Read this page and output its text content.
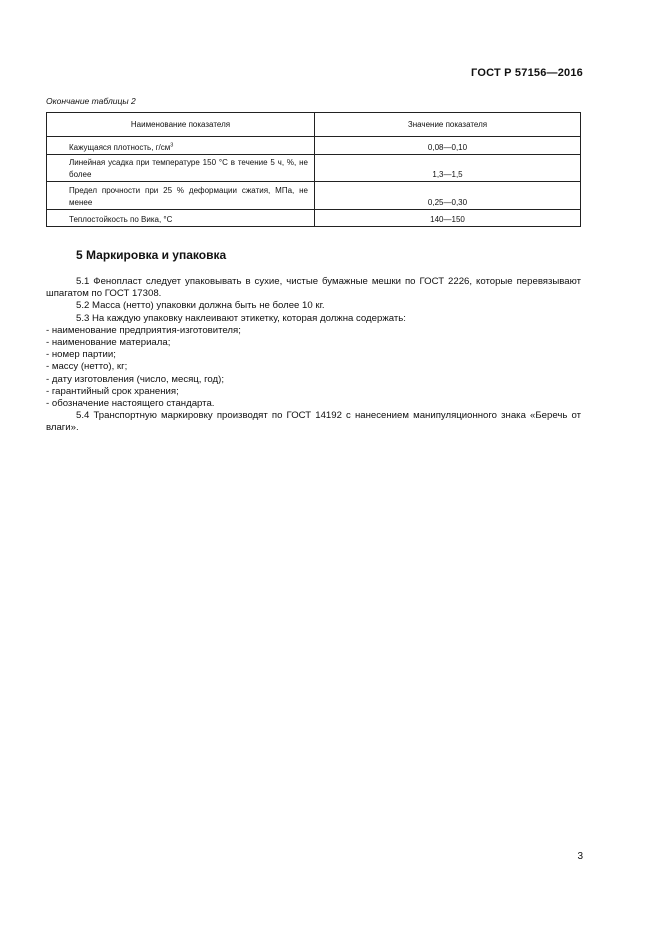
ГОСТ Р 57156—2016
Окончание таблицы 2
Наименование показателя	Значение показателя
Кажущаяся плотность, $г/см^3$	0,08—0,10
Линейная усадка при температуре 150 °С в течение 5 ч, %, не более	1,3—1,5
Предел прочности при 25 % деформации сжатия, МПа, не менее	0,25—0,30
Теплостойкость по Вика, °С	140—150
5 Маркировка и упаковка

5.1 Фенопласт следует упаковывать в сухие, чистые бумажные мешки по ГОСТ 2226, которые перевязывают шпагатом по ГОСТ 17308.

5.2 Масса (нетто) упаковки должна быть не более 10 кг.

5.3 На каждую упаковку наклеивают этикетку, которая должна содержать:

- наименование предприятия-изготовителя;

- наименование материала;

- номер партии;

- массу (нетто), кг;

- дату изготовления (число, месяц, год);

- гарантийный срок хранения;

- обозначение настоящего стандарта.

5.4 Транспортную маркировку производят по ГОСТ 14192 с нанесением манипуляционного знака «Беречь от влаги».

3
